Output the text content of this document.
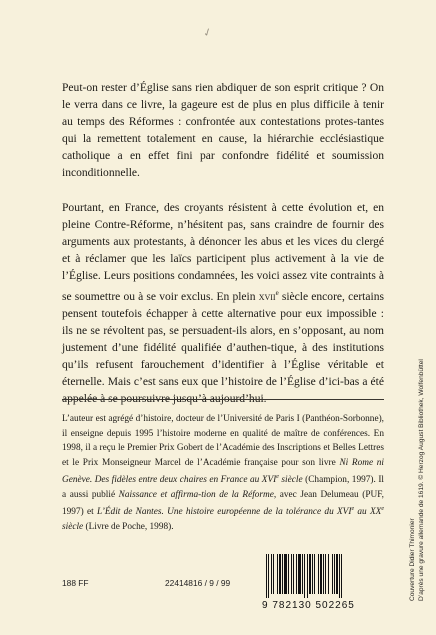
✓

Peut-on rester d’Église sans rien abdiquer de son esprit critique ? On le verra dans ce livre, la gageure est de plus en plus difficile à tenir au temps des Réformes : confrontée aux contestations protes-tantes qui la remettent totalement en cause, la hiérarchie ecclésiastique catholique a en effet fini par confondre fidélité et soumission inconditionnelle.

Pourtant, en France, des croyants résistent à cette évolution et, en pleine Contre-Réforme, n’hésitent pas, sans craindre de fournir des arguments aux protestants, à dénoncer les abus et les vices du clergé et à réclamer que les laïcs participent plus activement à la vie de l’Église. Leurs positions condamnées, les voici assez vite contraints à se soumettre ou à se voir exclus. En plein xvii$^e$ siècle encore, certains pensent toutefois échapper à cette alternative pour eux impossible : ils ne se révoltent pas, se persuadent-ils alors, en s’opposant, au nom justement d’une fidélité qualifiée d’authen-tique, à des institutions qu’ils refusent farouchement d’identifier à l’Église véritable et éternelle. Mais c’est sans eux que l’histoire de l’Église d’ici-bas a été appelée à se poursuivre jusqu’à aujourd’hui.

L’auteur est agrégé d’histoire, docteur de l’Université de Paris I (Panthéon-Sorbonne), il enseigne depuis 1995 l’histoire moderne en qualité de maître de conférences. En 1998, il a reçu le Premier Prix Gobert de l’Académie des Inscriptions et Belles Lettres et le Prix Monseigneur Marcel de l’Académie française pour son livre Ni Rome ni Genève. Des fidèles entre deux chaires en France au XVIe siècle (Champion, 1997). Il a aussi publié Naissance et affirma-tion de la Réforme, avec Jean Delumeau (PUF, 1997) et L’Édit de Nantes. Une histoire européenne de la tolérance du XVIe au XXe siècle (Livre de Poche, 1998).	Couverture Didier Thimonier D’après une gravure allemande de 1619. © Herzog August Bibliothek, Wolfenbüttel
188 FF	22414816 / 9 / 99
9 782130 502265
